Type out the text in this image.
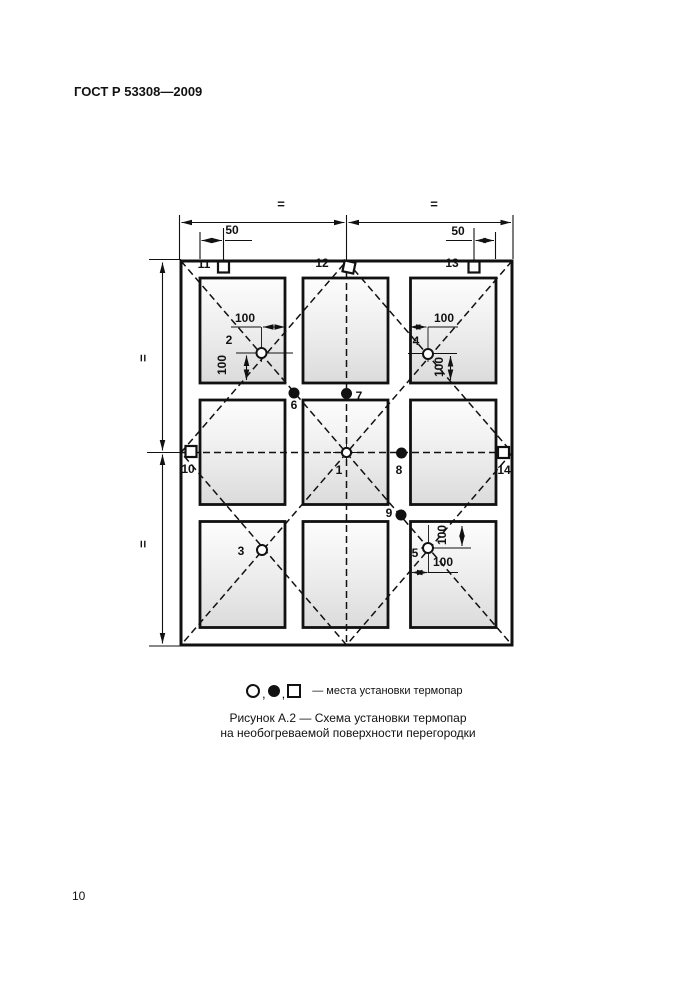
ГОСТ Р 53308—2009
=	=
=
=
50	50
100
100
100
100
100
100
1
2
3
4
5
6
7
8
9
10
11	12	13
14
, , — места установки термопар
Рисунок А.2 — Схема установки термопар
на необогреваемой поверхности перегородки
10
